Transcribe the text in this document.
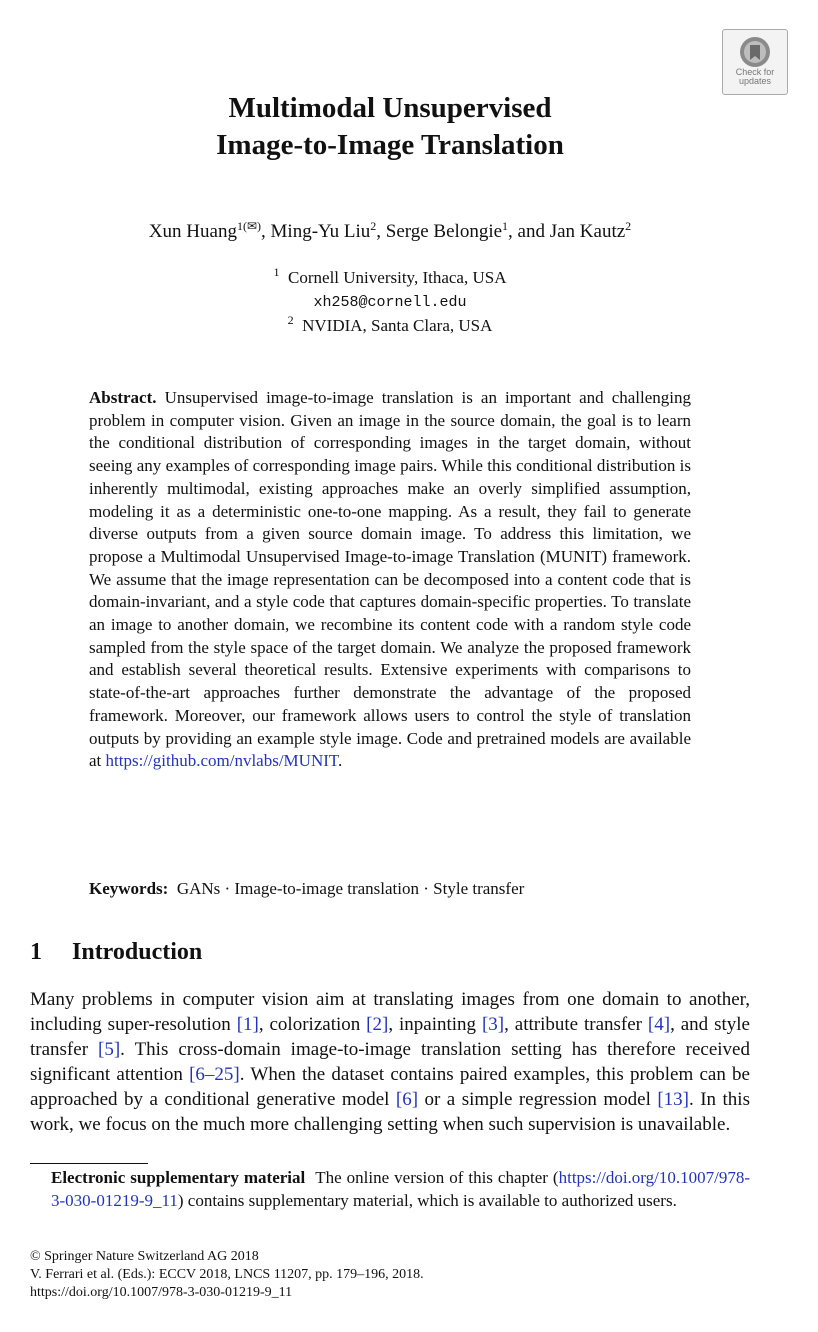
Check for
updates
Multimodal Unsupervised
Image-to-Image Translation
Xun Huang$^{1(✉)}$, Ming-Yu Liu$^2$, Serge Belongie$^1$, and Jan Kautz$^2$
$^1$ Cornell University, Ithaca, USA
xh258@cornell.edu
$^2$ NVIDIA, Santa Clara, USA
Abstract. Unsupervised image-to-image translation is an important and challenging problem in computer vision. Given an image in the source domain, the goal is to learn the conditional distribution of corresponding images in the target domain, without seeing any examples of corresponding image pairs. While this conditional distribution is inherently multimodal, existing approaches make an overly simplified assumption, modeling it as a deterministic one-to-one mapping. As a result, they fail to generate diverse outputs from a given source domain image. To address this limitation, we propose a Multimodal Unsupervised Image-to-image Translation (MUNIT) framework. We assume that the image representation can be decomposed into a content code that is domain-invariant, and a style code that captures domain-specific properties. To translate an image to another domain, we recombine its content code with a random style code sampled from the style space of the target domain. We analyze the proposed framework and establish several theoretical results. Extensive experiments with comparisons to state-of-the-art approaches further demonstrate the advantage of the proposed framework. Moreover, our framework allows users to control the style of translation outputs by providing an example style image. Code and pretrained models are available at https://github.com/nvlabs/MUNIT.
Keywords: GANs · Image-to-image translation · Style transfer
1 Introduction
Many problems in computer vision aim at translating images from one domain to another, including super-resolution [1], colorization [2], inpainting [3], attribute transfer [4], and style transfer [5]. This cross-domain image-to-image translation setting has therefore received significant attention [6–25]. When the dataset contains paired examples, this problem can be approached by a conditional generative model [6] or a simple regression model [13]. In this work, we focus on the much more challenging setting when such supervision is unavailable.
Electronic supplementary material The online version of this chapter (https://doi.org/10.1007/978-3-030-01219-9_11) contains supplementary material, which is available to authorized users.
© Springer Nature Switzerland AG 2018
V. Ferrari et al. (Eds.): ECCV 2018, LNCS 11207, pp. 179–196, 2018.
https://doi.org/10.1007/978-3-030-01219-9_11
